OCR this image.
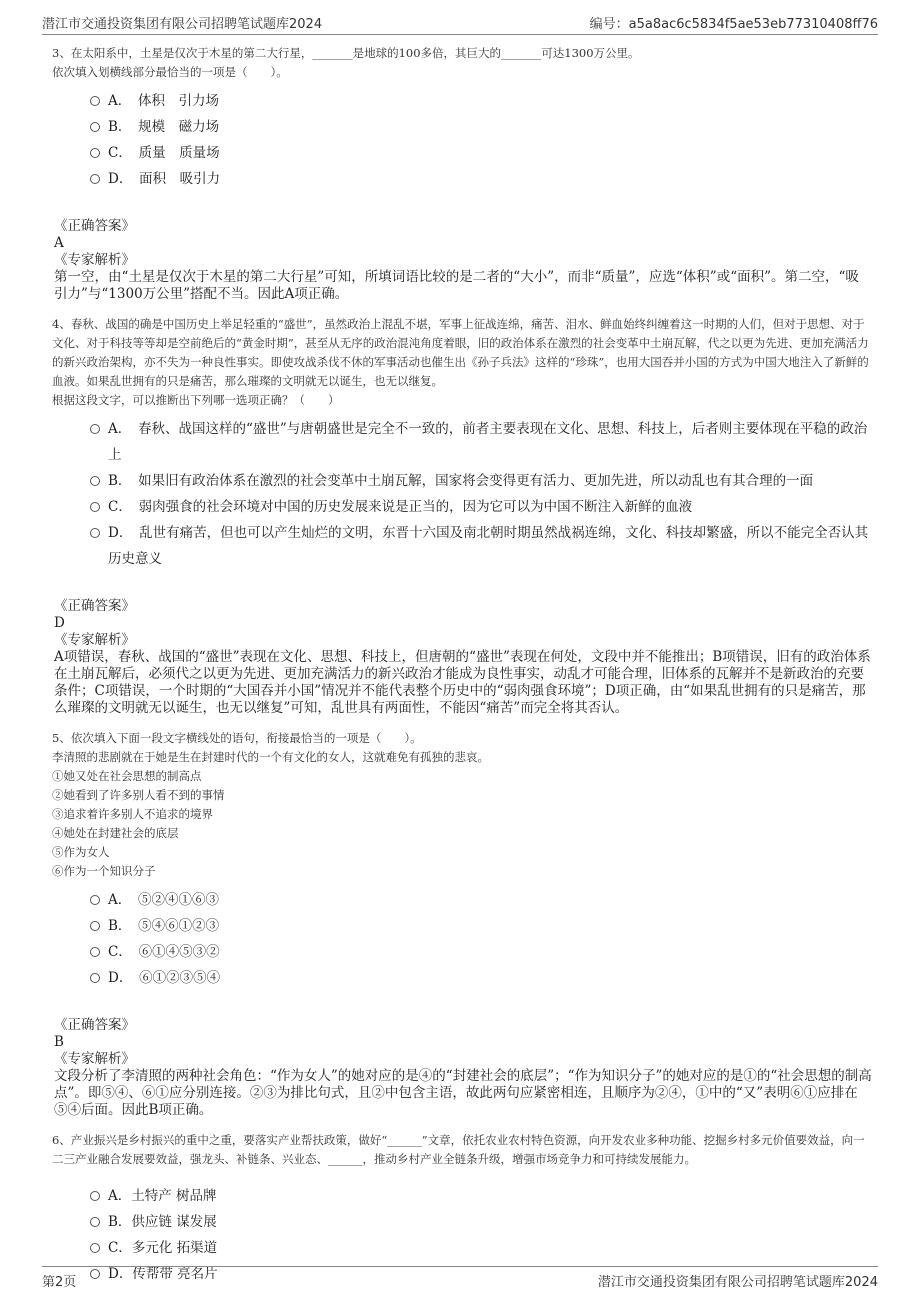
潜江市交通投资集团有限公司招聘笔试题库2024	编号：a5a8ac6c5834f5ae53eb77310408ff76

3、在太阳系中，土星是仅次于木星的第二大行星，_______是地球的100多倍，其巨大的_______可达1300万公里。

依次填入划横线部分最恰当的一项是（　　）。

A．　体积　引力场
B．　规模　磁力场
C．　质量　质量场
D．　面积　吸引力

《正确答案》

A

《专家解析》

第一空，由“土星是仅次于木星的第二大行星”可知，所填词语比较的是二者的“大小”，而非“质量”，应选“体积”或“面积”。第二空，“吸引力”与“1300万公里”搭配不当。因此A项正确。

4、春秋、战国的确是中国历史上举足轻重的“盛世”，虽然政治上混乱不堪，军事上征战连绵，痛苦、泪水、鲜血始终纠缠着这一时期的人们，但对于思想、对于文化、对于科技等等却是空前绝后的“黄金时期”，甚至从无序的政治混沌角度着眼，旧的政治体系在激烈的社会变革中土崩瓦解，代之以更为先进、更加充满活力的新兴政治架构，亦不失为一种良性事实。即使攻战杀伐不休的军事活动也催生出《孙子兵法》这样的“珍珠”，也用大国吞并小国的方式为中国大地注入了新鲜的血液。如果乱世拥有的只是痛苦，那么璀璨的文明就无以诞生，也无以继复。

根据这段文字，可以推断出下列哪一选项正确？（　　）

A．　春秋、战国这样的“盛世”与唐朝盛世是完全不一致的，前者主要表现在文化、思想、科技上，后者则主要体现在平稳的政治上
B．　如果旧有政治体系在激烈的社会变革中土崩瓦解，国家将会变得更有活力、更加先进，所以动乱也有其合理的一面
C．　弱肉强食的社会环境对中国的历史发展来说是正当的，因为它可以为中国不断注入新鲜的血液
D．　乱世有痛苦，但也可以产生灿烂的文明，东晋十六国及南北朝时期虽然战祸连绵，文化、科技却繁盛，所以不能完全否认其历史意义

《正确答案》

D

《专家解析》

A项错误，春秋、战国的“盛世”表现在文化、思想、科技上，但唐朝的“盛世”表现在何处，文段中并不能推出；B项错误，旧有的政治体系在土崩瓦解后，必须代之以更为先进、更加充满活力的新兴政治才能成为良性事实，动乱才可能合理，旧体系的瓦解并不是新政治的充要条件；C项错误，一个时期的“大国吞并小国”情况并不能代表整个历史中的“弱肉强食环境”；D项正确，由“如果乱世拥有的只是痛苦，那么璀璨的文明就无以诞生，也无以继复”可知，乱世具有两面性，不能因“痛苦”而完全将其否认。

5、依次填入下面一段文字横线处的语句，衔接最恰当的一项是（　　）。

李清照的悲剧就在于她是生在封建时代的一个有文化的女人，这就难免有孤独的悲哀。

①她又处在社会思想的制高点

②她看到了许多别人看不到的事情

③追求着许多别人不追求的境界

④她处在封建社会的底层

⑤作为女人

⑥作为一个知识分子

A．　⑤②④①⑥③
B．　⑤④⑥①②③
C．　⑥①④⑤③②
D．　⑥①②③⑤④

《正确答案》

B

《专家解析》

文段分析了李清照的两种社会角色：“作为女人”的她对应的是④的“封建社会的底层”；“作为知识分子”的她对应的是①的“社会思想的制高点”。即⑤④、⑥①应分别连接。②③为排比句式，且②中包含主语，故此两句应紧密相连，且顺序为②④，①中的“又”表明⑥①应排在⑤④后面。因此B项正确。

6、产业振兴是乡村振兴的重中之重，要落实产业帮扶政策，做好“______”文章，依托农业农村特色资源，向开发农业多种功能、挖掘乡村多元价值要效益，向一二三产业融合发展要效益，强龙头、补链条、兴业态、______，推动乡村产业全链条升级，增强市场竞争力和可持续发展能力。

A．土特产 树品牌
B．供应链 谋发展
C．多元化 拓渠道
D．传帮带 亮名片
第2页	潜江市交通投资集团有限公司招聘笔试题库2024
